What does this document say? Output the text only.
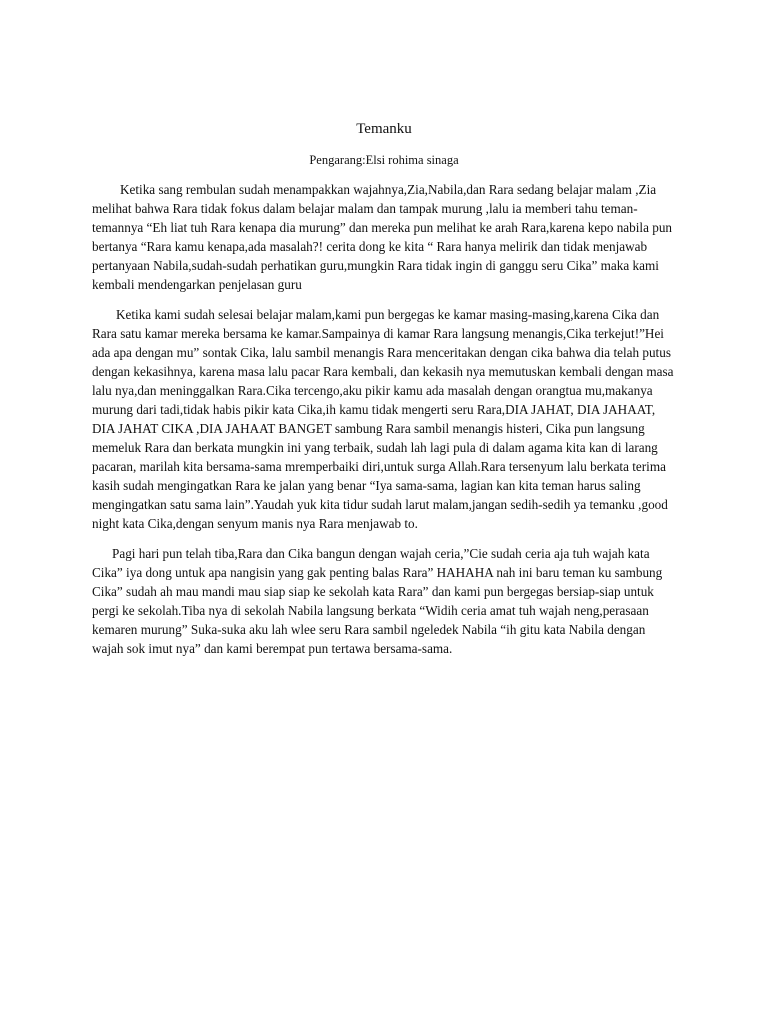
Temanku

Pengarang:Elsi rohima sinaga

Ketika sang rembulan sudah menampakkan wajahnya,Zia,Nabila,dan Rara sedang belajar malam ,Zia melihat bahwa Rara tidak fokus dalam belajar malam dan tampak murung ,lalu ia memberi tahu teman-temannya “Eh liat tuh Rara kenapa dia murung” dan mereka pun melihat ke arah Rara,karena kepo nabila pun bertanya “Rara kamu kenapa,ada masalah?! cerita dong ke kita “ Rara hanya melirik dan tidak menjawab pertanyaan Nabila,sudah-sudah perhatikan guru,mungkin Rara tidak ingin di ganggu seru Cika” maka kami kembali mendengarkan penjelasan guru

Ketika kami sudah selesai belajar malam,kami pun bergegas ke kamar masing-masing,karena Cika dan Rara satu kamar mereka bersama ke kamar.Sampainya di kamar Rara langsung menangis,Cika terkejut!”Hei ada apa dengan mu” sontak Cika, lalu sambil menangis Rara menceritakan dengan cika bahwa dia telah putus dengan kekasihnya, karena masa lalu pacar Rara kembali, dan kekasih nya memutuskan kembali dengan masa lalu nya,dan meninggalkan Rara.Cika tercengo,aku pikir kamu ada masalah dengan orangtua mu,makanya murung dari tadi,tidak habis pikir kata Cika,ih kamu tidak mengerti seru Rara,DIA JAHAT, DIA JAHAAT, DIA JAHAT CIKA ,DIA JAHAAT BANGET sambung Rara sambil menangis histeri, Cika pun langsung memeluk Rara dan berkata mungkin ini yang terbaik, sudah lah lagi pula di dalam agama kita kan di larang pacaran, marilah kita bersama-sama mremperbaiki diri,untuk surga Allah.Rara tersenyum lalu berkata terima kasih sudah mengingatkan Rara ke jalan yang benar “Iya sama-sama, lagian kan kita teman harus saling mengingatkan satu sama lain”.Yaudah yuk kita tidur sudah larut malam,jangan sedih-sedih ya temanku ,good night kata Cika,dengan senyum manis nya Rara menjawab to.

Pagi hari pun telah tiba,Rara dan Cika bangun dengan wajah ceria,”Cie sudah ceria aja tuh wajah kata Cika” iya dong untuk apa nangisin yang gak penting balas Rara” HAHAHA nah ini baru teman ku sambung Cika” sudah ah mau mandi mau siap siap ke sekolah kata Rara” dan kami pun bergegas bersiap-siap untuk pergi ke sekolah.Tiba nya di sekolah Nabila langsung berkata “Widih ceria amat tuh wajah neng,perasaan kemaren murung” Suka-suka aku lah wlee seru Rara sambil ngeledek Nabila “ih gitu kata Nabila dengan wajah sok imut nya” dan kami berempat pun tertawa bersama-sama.
